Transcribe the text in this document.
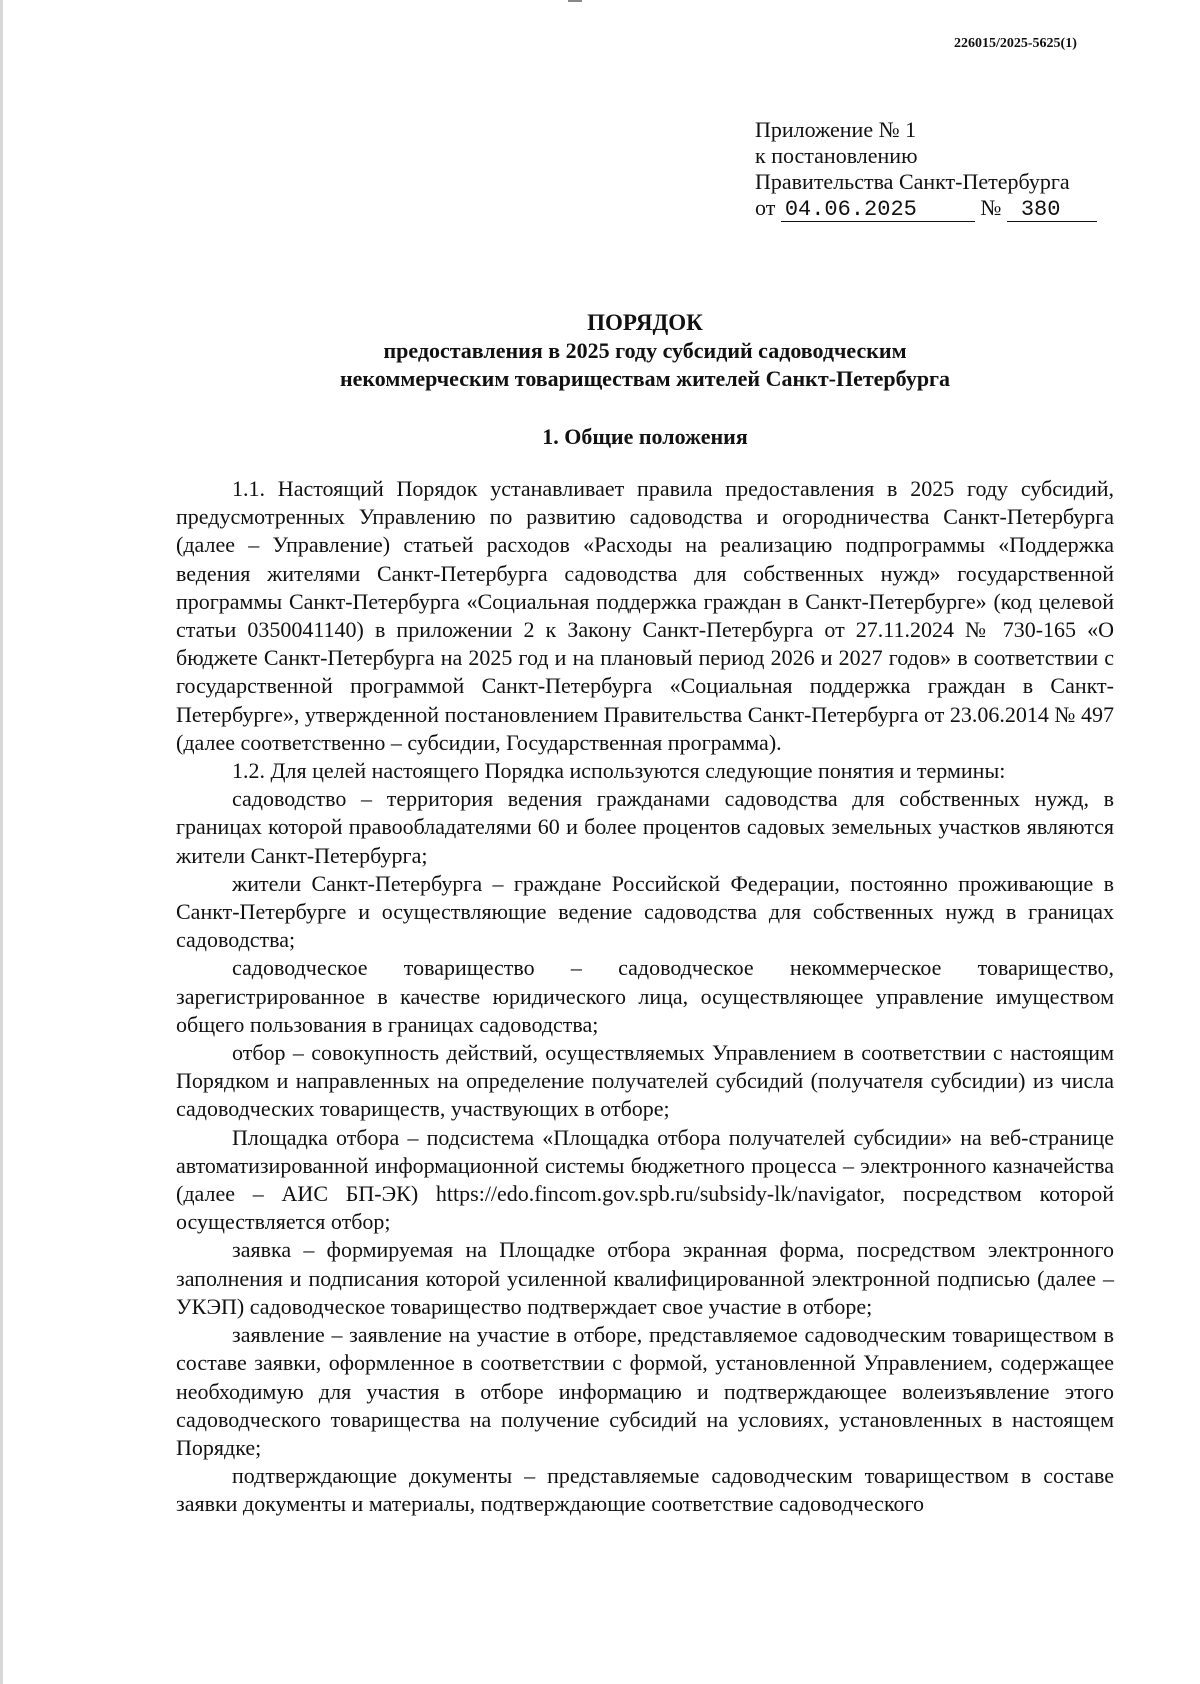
226015/2025-5625(1)
Приложение № 1
к постановлению
Правительства Санкт-Петербурга
от 04.06.2025	№ 380
ПОРЯДОК
предоставления в 2025 году субсидий садоводческим
некоммерческим товариществам жителей Санкт-Петербурга
1. Общие положения

1.1. Настоящий Порядок устанавливает правила предоставления в 2025 году субсидий, предусмотренных Управлению по развитию садоводства и огородничества Санкт-Петербурга (далее – Управление) статьей расходов «Расходы на реализацию подпрограммы «Поддержка ведения жителями Санкт-Петербурга садоводства для собственных нужд» государственной программы Санкт-Петербурга «Социальная поддержка граждан в Санкт-Петербурге» (код целевой статьи 0350041140) в приложении 2 к Закону Санкт-Петербурга от 27.11.2024 № 730-165 «О бюджете Санкт-Петербурга на 2025 год и на плановый период 2026 и 2027 годов» в соответствии с государственной программой Санкт-Петербурга «Социальная поддержка граждан в Санкт-Петербурге», утвержденной постановлением Правительства Санкт-Петербурга от 23.06.2014 № 497 (далее соответственно – субсидии, Государственная программа).

1.2. Для целей настоящего Порядка используются следующие понятия и термины:

садоводство – территория ведения гражданами садоводства для собственных нужд, в границах которой правообладателями 60 и более процентов садовых земельных участков являются жители Санкт-Петербурга;

жители Санкт-Петербурга – граждане Российской Федерации, постоянно проживающие в Санкт-Петербурге и осуществляющие ведение садоводства для собственных нужд в границах садоводства;

садоводческое товарищество – садоводческое некоммерческое товарищество, зарегистрированное в качестве юридического лица, осуществляющее управление имуществом общего пользования в границах садоводства;

отбор – совокупность действий, осуществляемых Управлением в соответствии с настоящим Порядком и направленных на определение получателей субсидий (получателя субсидии) из числа садоводческих товариществ, участвующих в отборе;

Площадка отбора – подсистема «Площадка отбора получателей субсидии» на веб-странице автоматизированной информационной системы бюджетного процесса – электронного казначейства (далее – АИС БП-ЭК) https://edo.fincom.gov.spb.ru/subsidy-lk/navigator, посредством которой осуществляется отбор;

заявка – формируемая на Площадке отбора экранная форма, посредством электронного заполнения и подписания которой усиленной квалифицированной электронной подписью (далее – УКЭП) садоводческое товарищество подтверждает свое участие в отборе;

заявление – заявление на участие в отборе, представляемое садоводческим товариществом в составе заявки, оформленное в соответствии с формой, установленной Управлением, содержащее необходимую для участия в отборе информацию и подтверждающее волеизъявление этого садоводческого товарищества на получение субсидий на условиях, установленных в настоящем Порядке;

подтверждающие документы – представляемые садоводческим товариществом в составе заявки документы и материалы, подтверждающие соответствие садоводческого
